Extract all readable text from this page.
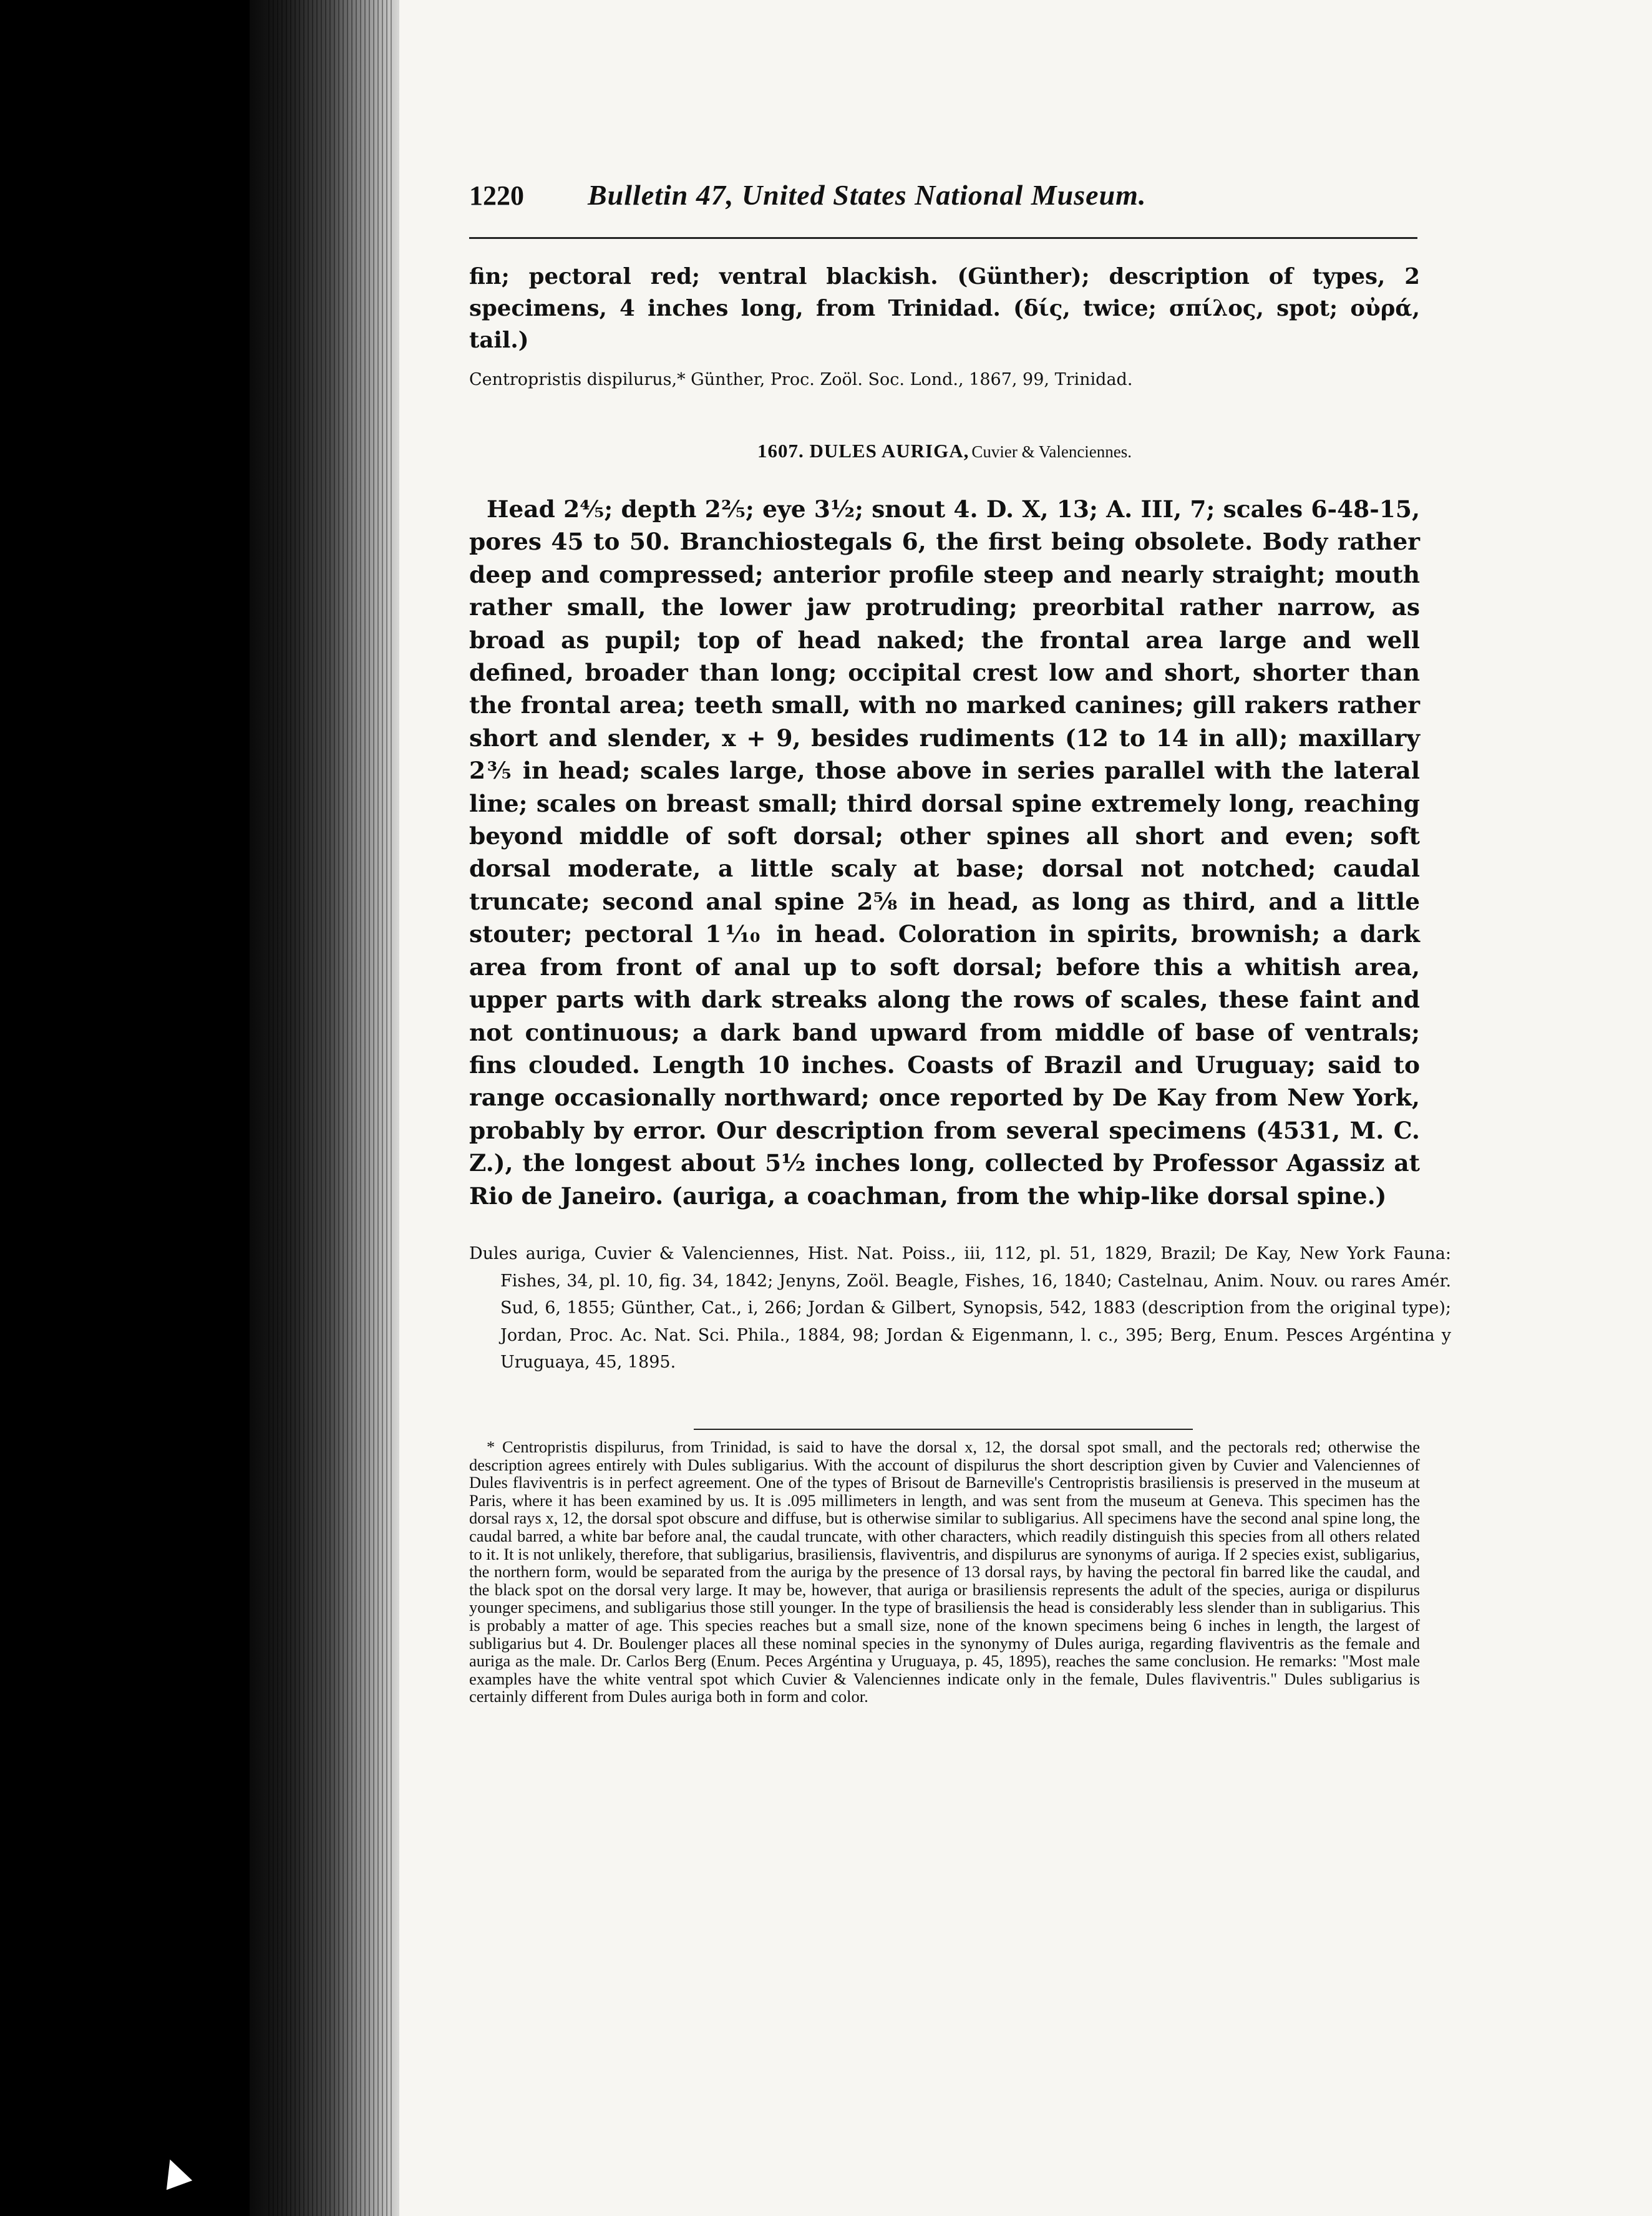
1220	Bulletin 47, United States National Museum.
fin; pectoral red; ventral blackish. (Günther); description of types, 2 specimens, 4 inches long, from Trinidad. (δίς, twice; σπίλος, spot; οὐρά, tail.)
Centropristis dispilurus,* Günther, Proc. Zoöl. Soc. Lond., 1867, 99, Trinidad.
1607. DULES AURIGA, Cuvier & Valenciennes.
Head 2⅘; depth 2⅖; eye 3½; snout 4. D. X, 13; A. III, 7; scales 6-48-15, pores 45 to 50. Branchiostegals 6, the first being obsolete. Body rather deep and compressed; anterior profile steep and nearly straight; mouth rather small, the lower jaw protruding; preorbital rather narrow, as broad as pupil; top of head naked; the frontal area large and well defined, broader than long; occipital crest low and short, shorter than the frontal area; teeth small, with no marked canines; gill rakers rather short and slender, x + 9, besides rudiments (12 to 14 in all); maxillary 2⅗ in head; scales large, those above in series parallel with the lateral line; scales on breast small; third dorsal spine extremely long, reaching beyond middle of soft dorsal; other spines all short and even; soft dorsal moderate, a little scaly at base; dorsal not notched; caudal truncate; second anal spine 2⅝ in head, as long as third, and a little stouter; pectoral 1⅒ in head. Coloration in spirits, brownish; a dark area from front of anal up to soft dorsal; before this a whitish area, upper parts with dark streaks along the rows of scales, these faint and not continuous; a dark band upward from middle of base of ventrals; fins clouded. Length 10 inches. Coasts of Brazil and Uruguay; said to range occasionally northward; once reported by De Kay from New York, probably by error. Our description from several specimens (4531, M. C. Z.), the longest about 5½ inches long, collected by Professor Agassiz at Rio de Janeiro. (auriga, a coachman, from the whip-like dorsal spine.)
Dules auriga, Cuvier & Valenciennes, Hist. Nat. Poiss., iii, 112, pl. 51, 1829, Brazil; De Kay, New York Fauna: Fishes, 34, pl. 10, fig. 34, 1842; Jenyns, Zoöl. Beagle, Fishes, 16, 1840; Castelnau, Anim. Nouv. ou rares Amér. Sud, 6, 1855; Günther, Cat., i, 266; Jordan & Gilbert, Synopsis, 542, 1883 (description from the original type); Jordan, Proc. Ac. Nat. Sci. Phila., 1884, 98; Jordan & Eigenmann, l. c., 395; Berg, Enum. Pesces Argéntina y Uruguaya, 45, 1895.
* Centropristis dispilurus, from Trinidad, is said to have the dorsal x, 12, the dorsal spot small, and the pectorals red; otherwise the description agrees entirely with Dules subligarius. With the account of dispilurus the short description given by Cuvier and Valenciennes of Dules flaviventris is in perfect agreement. One of the types of Brisout de Barneville's Centropristis brasiliensis is preserved in the museum at Paris, where it has been examined by us. It is .095 millimeters in length, and was sent from the museum at Geneva. This specimen has the dorsal rays x, 12, the dorsal spot obscure and diffuse, but is otherwise similar to subligarius. All specimens have the second anal spine long, the caudal barred, a white bar before anal, the caudal truncate, with other characters, which readily distinguish this species from all others related to it. It is not unlikely, therefore, that subligarius, brasiliensis, flaviventris, and dispilurus are synonyms of auriga. If 2 species exist, subligarius, the northern form, would be separated from the auriga by the presence of 13 dorsal rays, by having the pectoral fin barred like the caudal, and the black spot on the dorsal very large. It may be, however, that auriga or brasiliensis represents the adult of the species, auriga or dispilurus younger specimens, and subligarius those still younger. In the type of brasiliensis the head is considerably less slender than in subligarius. This is probably a matter of age. This species reaches but a small size, none of the known specimens being 6 inches in length, the largest of subligarius but 4. Dr. Boulenger places all these nominal species in the synonymy of Dules auriga, regarding flaviventris as the female and auriga as the male. Dr. Carlos Berg (Enum. Peces Argéntina y Uruguaya, p. 45, 1895), reaches the same conclusion. He remarks: "Most male examples have the white ventral spot which Cuvier & Valenciennes indicate only in the female, Dules flaviventris." Dules subligarius is certainly different from Dules auriga both in form and color.
